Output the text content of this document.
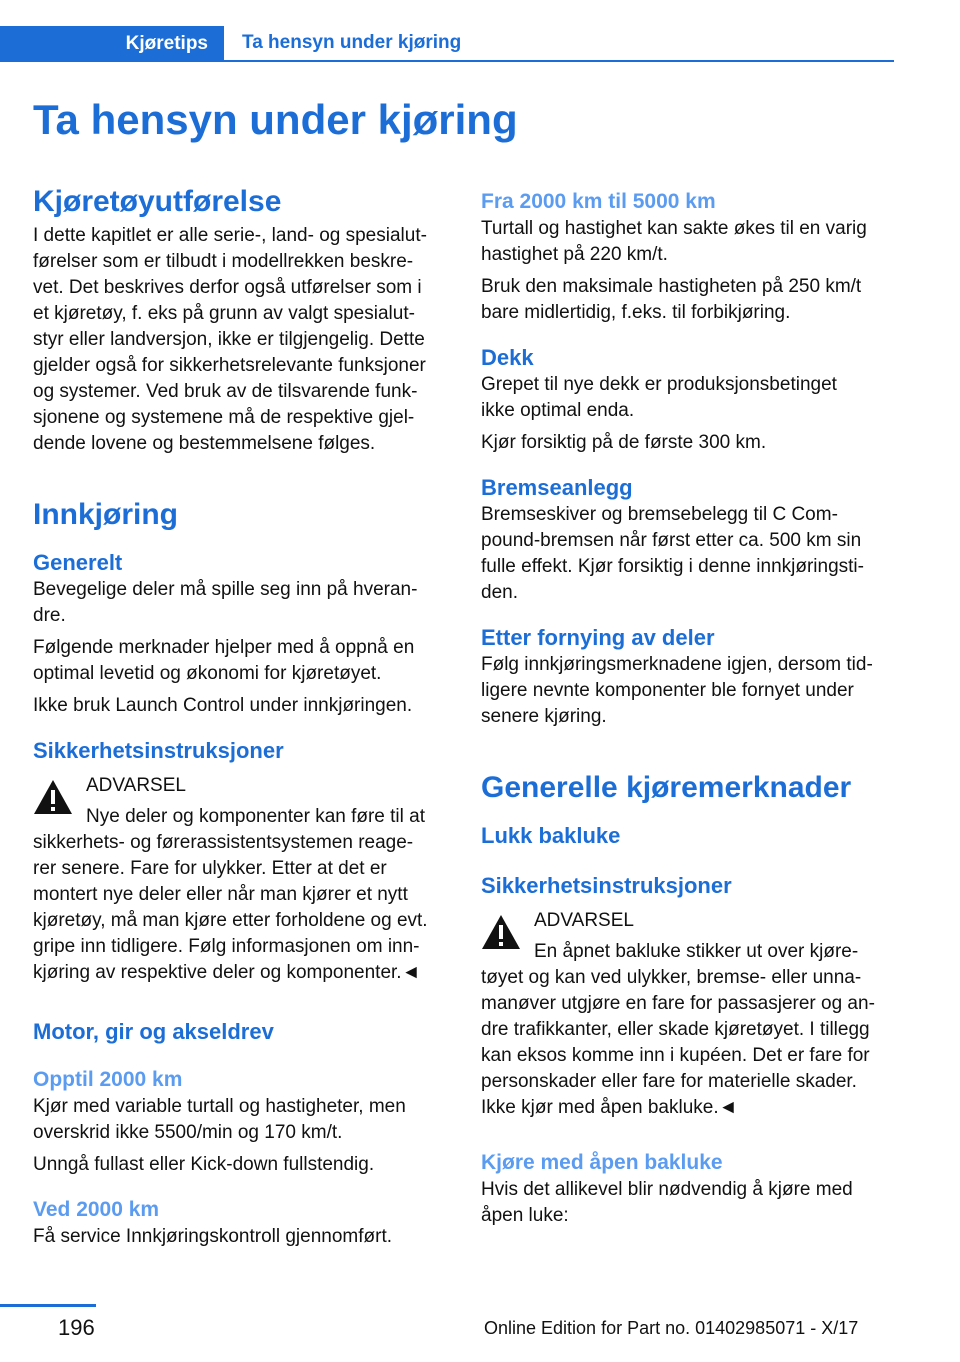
Kjøretips Ta hensyn under kjøring
Ta hensyn under kjøring
Kjøretøyutførelse

I dette kapitlet er alle serie-, land- og spesialut-
førelser som er tilbudt i modellrekken beskre-
vet. Det beskrives derfor også utførelser som i
et kjøretøy, f. eks på grunn av valgt spesialut-
styr eller landversjon, ikke er tilgjengelig. Dette
gjelder også for sikkerhetsrelevante funksjoner
og systemer. Ved bruk av de tilsvarende funk-
sjonene og systemene må de respektive gjel-
dende lovene og bestemmelsene følges.

Innkjøring
Generelt

Bevegelige deler må spille seg inn på hveran-
dre.

Følgende merknader hjelper med å oppnå en
optimal levetid og økonomi for kjøretøyet.

Ikke bruk Launch Control under innkjøringen.

Sikkerhetsinstruksjoner
ADVARSEL
Nye deler og komponenter kan føre til at
sikkerhets- og førerassistentsystemen reage-
rer senere. Fare for ulykker. Etter at det er
montert nye deler eller når man kjører et nytt
kjøretøy, må man kjøre etter forholdene og evt.
gripe inn tidligere. Følg informasjonen om inn-
kjøring av respektive deler og komponenter.◄
Motor, gir og akseldrev
Opptil 2000 km

Kjør med variable turtall og hastigheter, men
overskrid ikke 5500/min og 170 km/t.

Unngå fullast eller Kick-down fullstendig.

Ved 2000 km

Få service Innkjøringskontroll gjennomført.

Fra 2000 km til 5000 km

Turtall og hastighet kan sakte økes til en varig
hastighet på 220 km/t.

Bruk den maksimale hastigheten på 250 km/t
bare midlertidig, f.eks. til forbikjøring.

Dekk

Grepet til nye dekk er produksjonsbetinget
ikke optimal enda.

Kjør forsiktig på de første 300 km.

Bremseanlegg

Bremseskiver og bremsebelegg til C Com-
pound-bremsen når først etter ca. 500 km sin
fulle effekt. Kjør forsiktig i denne innkjøringsti-
den.

Etter fornying av deler

Følg innkjøringsmerknadene igjen, dersom tid-
ligere nevnte komponenter ble fornyet under
senere kjøring.

Generelle kjøremerknader
Lukk bakluke
Sikkerhetsinstruksjoner
ADVARSEL
En åpnet bakluke stikker ut over kjøre-
tøyet og kan ved ulykker, bremse- eller unna-
manøver utgjøre en fare for passasjerer og an-
dre trafikkanter, eller skade kjøretøyet. I tillegg
kan eksos komme inn i kupéen. Det er fare for
personskader eller fare for materielle skader.
Ikke kjør med åpen bakluke.◄
Kjøre med åpen bakluke

Hvis det allikevel blir nødvendig å kjøre med
åpen luke:

196	Online Edition for Part no. 01402985071 - X/17
